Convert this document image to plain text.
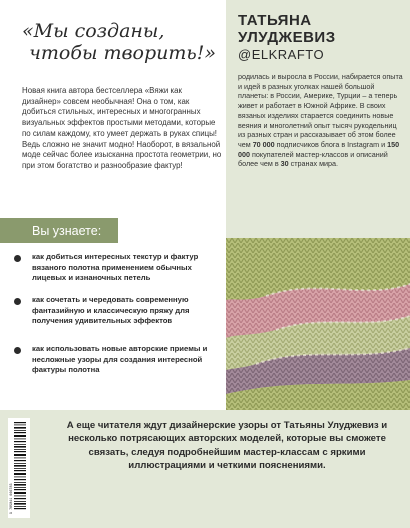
ТАТЬЯНА УЛУДЖЕВИЗ
@ELKRAFTO
родилась и выросла в России, набирается опыта и идей в разных уголках нашей большой планеты: в России, Америке, Турции – а теперь живет и работает в Южной Африке. В своих вязаных изделиях старается соединить новые веяния и многолетний опыт тысяч рукодельниц из разных стран и рассказывает об этом более чем 70 000 подписчиков блога в Instagram и 150 000 покупателей мастер-классов и описаний более чем в 30 странах мира.
«Мы созданы,
чтобы творить!»
Новая книга автора бестселлера «Вяжи как дизайнер» совсем необычная! Она о том, как добиться стильных, интересных и многогранных визуальных эффектов простыми методами, которые по силам каждому, кто умеет держать в руках спицы! Ведь сложно не значит модно! Наоборот, в вязальной моде сейчас более изысканна простота геометрии, но при этом богатство и разнообразие фактур!
Вы узнаете:
как добиться интересных текстур и фактур вязаного полотна применением обычных лицевых и изнаночных петель
как сочетать и чередовать современную фантазийную и классическую пряжу для получения удивительных эффектов
как использовать новые авторские приемы и несложные узоры для создания интересной фактуры полотна
9 785041 666783
А еще читателя ждут дизайнерские узоры от Татьяны Улуджевиз и несколько потрясающих авторских моделей, которые вы сможете связать, следуя подробнейшим мастер-классам с яркими иллюстрациями и четкими пояснениями.
